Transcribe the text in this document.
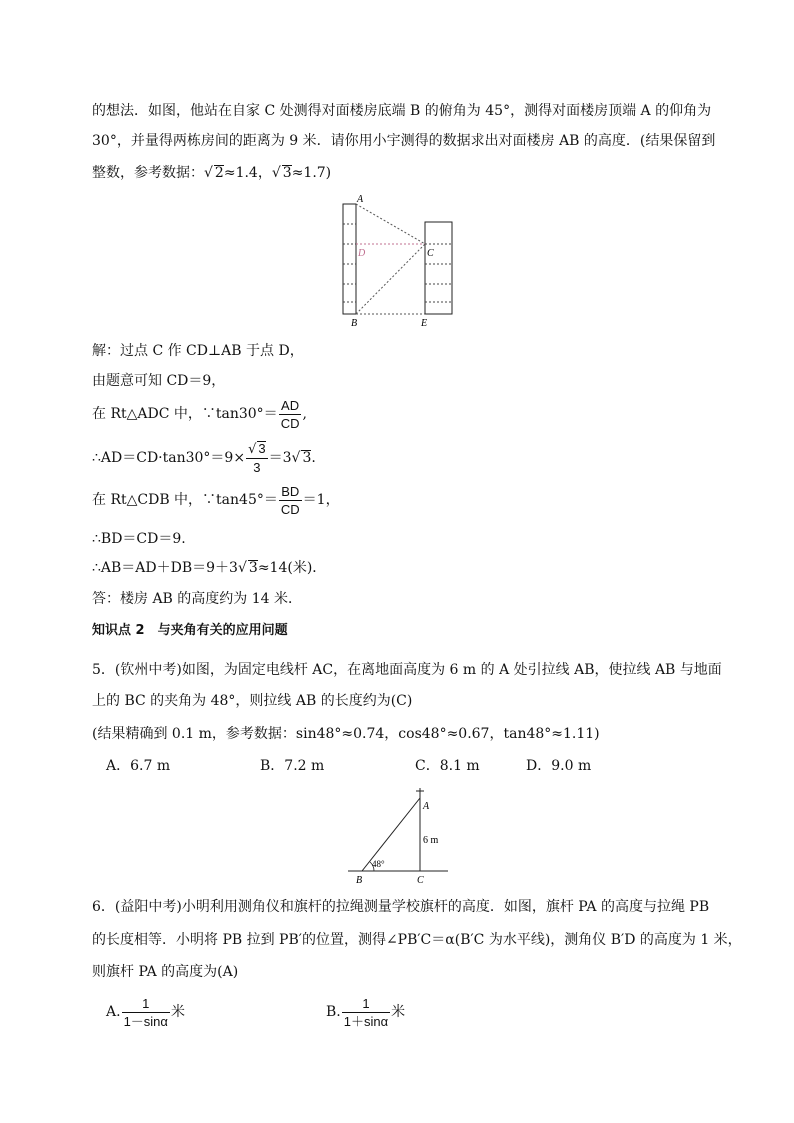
的想法．如图，他站在自家 C 处测得对面楼房底端 B 的俯角为 45°，测得对面楼房顶端 A 的仰角为
30°，并量得两栋房间的距离为 9 米．请你用小宇测得的数据求出对面楼房 AB 的高度．(结果保留到
整数，参考数据：√ 2≈1.4，√ 3≈1.7)
A
D	C
B	E
解：过点 C 作 CD⊥AB 于点 D，
由题意可知 CD＝9，
在 Rt△ADC 中，∵tan30°＝ $\frac{AD}{CD}$ ,
∴AD＝CD·tan30°＝9× $\frac{√ 3}{3} =3√$ 3.
在 Rt△CDB 中，∵tan45°＝ $\frac{BD}{CD} =1$，
∴BD＝CD＝9.
∴AB＝AD＋DB＝9＋3√ 3≈14(米)．
答：楼房 AB 的高度约为 14 米．
知识点 2　与夹角有关的应用问题
5．(钦州中考)如图，为固定电线杆 AC，在离地面高度为 6 m 的 A 处引拉线 AB，使拉线 AB 与地面
上的 BC 的夹角为 48°，则拉线 AB 的长度约为(C)
(结果精确到 0.1 m，参考数据：sin48°≈0.74，cos48°≈0.67，tan48°≈1.11)
A．6.7 m	B．7.2 m	C．8.1 m	D．9.0 m
A
6 m
48°
B	C
6．(益阳中考)小明利用测角仪和旗杆的拉绳测量学校旗杆的高度．如图，旗杆 PA 的高度与拉绳 PB
的长度相等．小明将 PB 拉到 PB′的位置，测得∠PB′C＝α(B′C 为水平线)，测角仪 B′D 的高度为 1 米，
则旗杆 PA 的高度为(A)
A. $\frac{1}{1-\sin\alpha}$ 米	B. $\frac{1}{1+\sin\alpha}$ 米
